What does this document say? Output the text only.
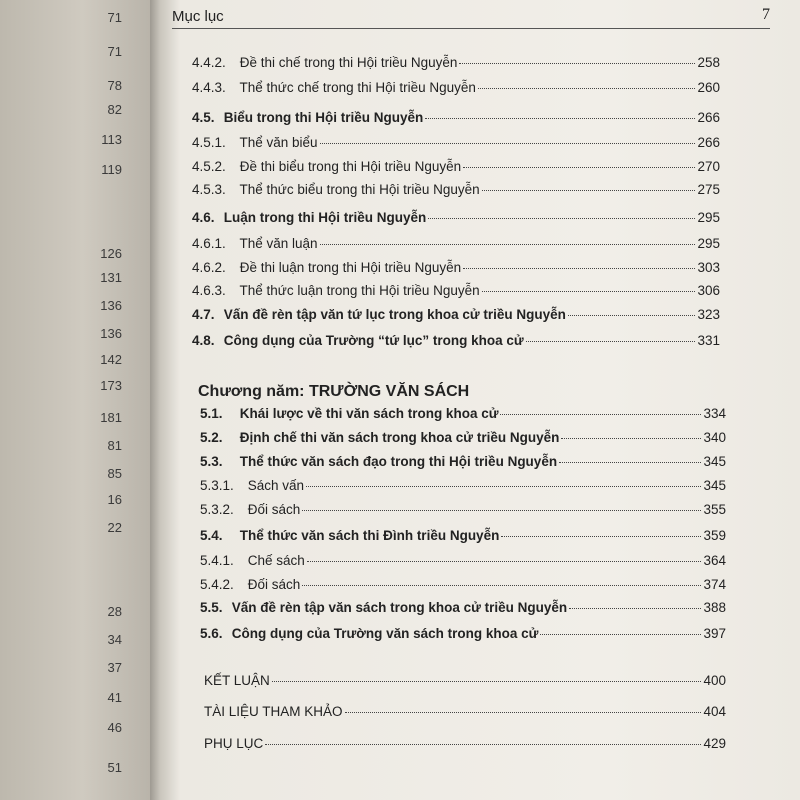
71
71
78
82
113
119
126
131
136
136
142
173
181
81
85
16
22
28
34
37
41
46
51
Mục lục	7
4.4.2. Đề thi chế trong thi Hội triều Nguyễn	258
4.4.3. Thể thức chế trong thi Hội triều Nguyễn	260
4.5. Biểu trong thi Hội triều Nguyễn	266
4.5.1. Thể văn biểu	266
4.5.2. Đề thi biểu trong thi Hội triều Nguyễn	270
4.5.3. Thể thức biểu trong thi Hội triều Nguyễn	275
4.6. Luận trong thi Hội triều Nguyễn	295
4.6.1. Thể văn luận	295
4.6.2. Đề thi luận trong thi Hội triều Nguyễn	303
4.6.3. Thể thức luận trong thi Hội triều Nguyễn	306
4.7. Vấn đề rèn tập văn tứ lục trong khoa cử triều Nguyễn	323
4.8. Công dụng của Trường “tứ lục” trong khoa cử	331
Chương năm: TRƯỜNG VĂN SÁCH
5.1. Khái lược về thi văn sách trong khoa cử	334
5.2. Định chế thi văn sách trong khoa cử triều Nguyễn	340
5.3. Thể thức văn sách đạo trong thi Hội triều Nguyễn	345
5.3.1. Sách vấn	345
5.3.2. Đối sách	355
5.4. Thể thức văn sách thi Đình triều Nguyễn	359
5.4.1. Chế sách	364
5.4.2. Đối sách	374
5.5. Vấn đề rèn tập văn sách trong khoa cử triều Nguyễn	388
5.6. Công dụng của Trường văn sách trong khoa cử	397
KẾT LUẬN	400
TÀI LIỆU THAM KHẢO	404
PHỤ LỤC	429
